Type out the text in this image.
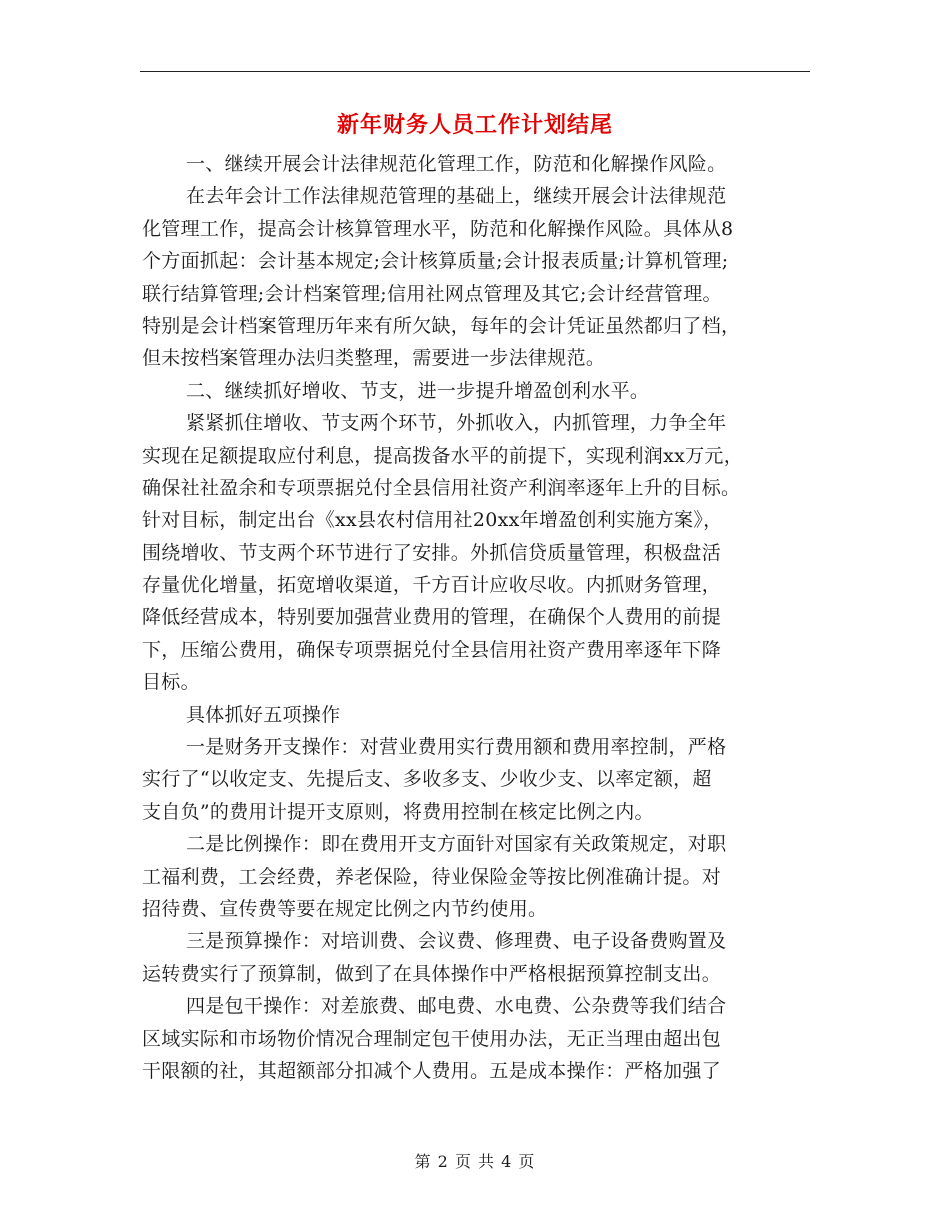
新年财务人员工作计划结尾
一、继续开展会计法律规范化管理工作，防范和化解操作风险。
在去年会计工作法律规范管理的基础上，继续开展会计法律规范
化管理工作，提高会计核算管理水平，防范和化解操作风险。具体从8
个方面抓起：会计基本规定;会计核算质量;会计报表质量;计算机管理;
联行结算管理;会计档案管理;信用社网点管理及其它;会计经营管理。
特别是会计档案管理历年来有所欠缺，每年的会计凭证虽然都归了档，
但未按档案管理办法归类整理，需要进一步法律规范。
二、继续抓好增收、节支，进一步提升增盈创利水平。
紧紧抓住增收、节支两个环节，外抓收入，内抓管理，力争全年
实现在足额提取应付利息，提高拨备水平的前提下，实现利润xx万元，
确保社社盈余和专项票据兑付全县信用社资产利润率逐年上升的目标。
针对目标，制定出台《xx县农村信用社20xx年增盈创利实施方案》，
围绕增收、节支两个环节进行了安排。外抓信贷质量管理，积极盘活
存量优化增量，拓宽增收渠道，千方百计应收尽收。内抓财务管理，
降低经营成本，特别要加强营业费用的管理，在确保个人费用的前提
下，压缩公费用，确保专项票据兑付全县信用社资产费用率逐年下降
目标。
具体抓好五项操作
一是财务开支操作：对营业费用实行费用额和费用率控制，严格
实行了“以收定支、先提后支、多收多支、少收少支、以率定额，超
支自负”的费用计提开支原则，将费用控制在核定比例之内。
二是比例操作：即在费用开支方面针对国家有关政策规定，对职
工福利费，工会经费，养老保险，待业保险金等按比例准确计提。对
招待费、宣传费等要在规定比例之内节约使用。
三是预算操作：对培训费、会议费、修理费、电子设备费购置及
运转费实行了预算制，做到了在具体操作中严格根据预算控制支出。
四是包干操作：对差旅费、邮电费、水电费、公杂费等我们结合
区域实际和市场物价情况合理制定包干使用办法，无正当理由超出包
干限额的社，其超额部分扣减个人费用。五是成本操作：严格加强了
第 2 页 共 4 页
